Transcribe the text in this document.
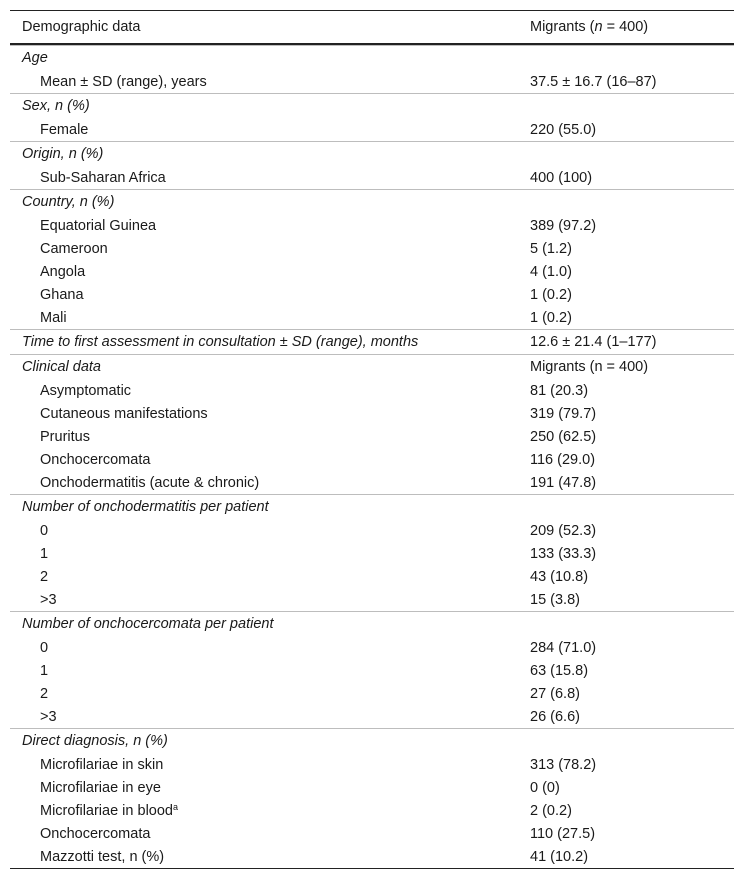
Demographic data	Migrants (n = 400)
Age
Mean ± SD (range), years	37.5 ± 16.7 (16–87)
Sex, n (%)
Female	220 (55.0)
Origin, n (%)
Sub-Saharan Africa	400 (100)
Country, n (%)
Equatorial Guinea	389 (97.2)
Cameroon	5 (1.2)
Angola	4 (1.0)
Ghana	1 (0.2)
Mali	1 (0.2)
Time to first assessment in consultation ± SD (range), months	12.6 ± 21.4 (1–177)
Clinical data	Migrants (n = 400)
Asymptomatic	81 (20.3)
Cutaneous manifestations	319 (79.7)
Pruritus	250 (62.5)
Onchocercomata	116 (29.0)
Onchodermatitis (acute & chronic)	191 (47.8)
Number of onchodermatitis per patient
0	209 (52.3)
1	133 (33.3)
2	43 (10.8)
>3	15 (3.8)
Number of onchocercomata per patient
0	284 (71.0)
1	63 (15.8)
2	27 (6.8)
>3	26 (6.6)
Direct diagnosis, n (%)
Microfilariae in skin	313 (78.2)
Microfilariae in eye	0 (0)
Microfilariae in blood$^a$	2 (0.2)
Onchocercomata	110 (27.5)
Mazzotti test, n (%)	41 (10.2)
